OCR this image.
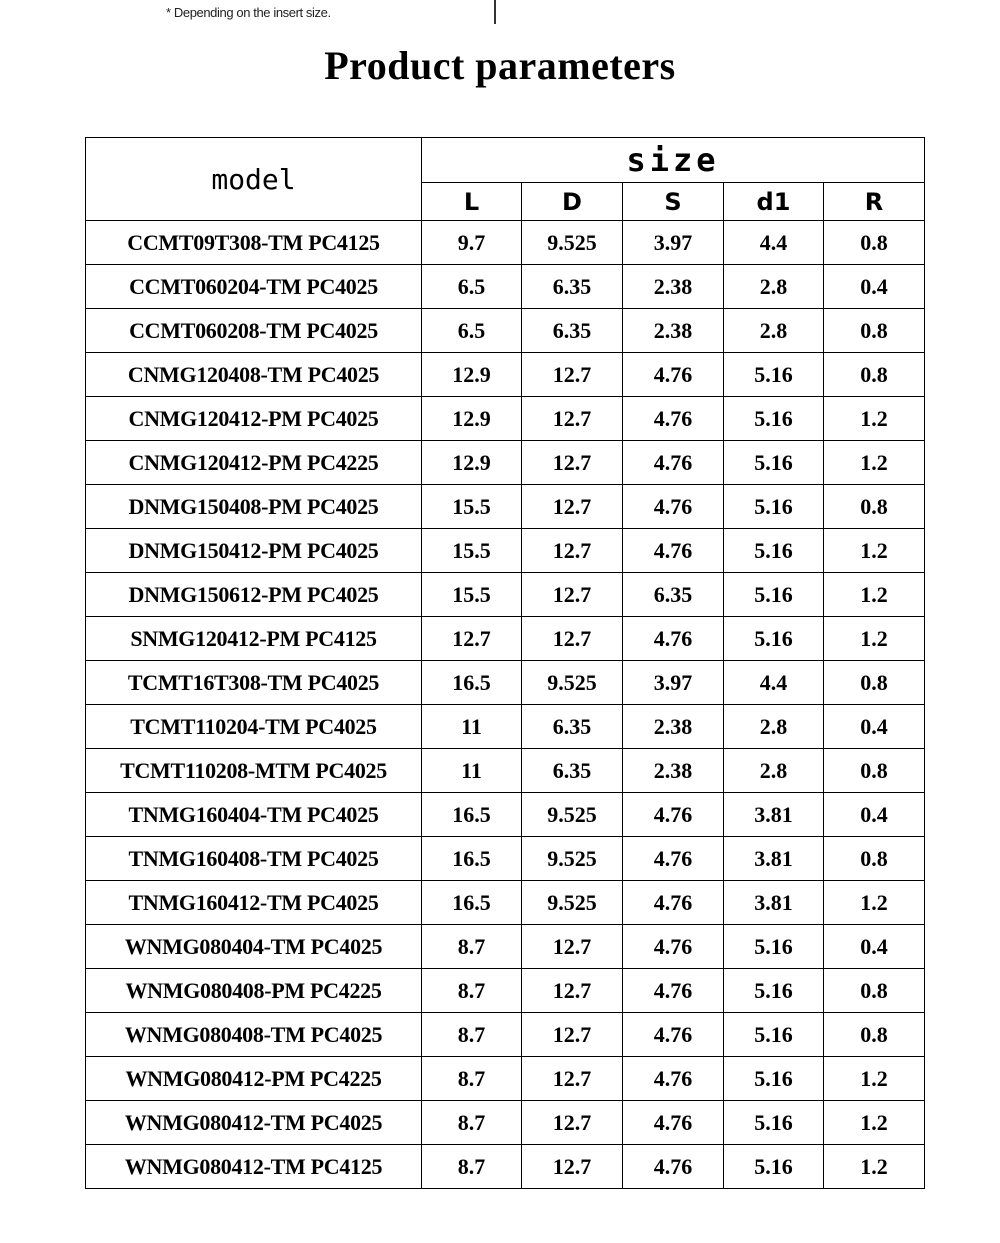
* Depending on the insert size.
Product parameters
model	size				
	L	D	S	d1	R
CCMT09T308-TM PC4125	9.7	9.525	3.97	4.4	0.8
CCMT060204-TM PC4025	6.5	6.35	2.38	2.8	0.4
CCMT060208-TM PC4025	6.5	6.35	2.38	2.8	0.8
CNMG120408-TM PC4025	12.9	12.7	4.76	5.16	0.8
CNMG120412-PM PC4025	12.9	12.7	4.76	5.16	1.2
CNMG120412-PM PC4225	12.9	12.7	4.76	5.16	1.2
DNMG150408-PM PC4025	15.5	12.7	4.76	5.16	0.8
DNMG150412-PM PC4025	15.5	12.7	4.76	5.16	1.2
DNMG150612-PM PC4025	15.5	12.7	6.35	5.16	1.2
SNMG120412-PM PC4125	12.7	12.7	4.76	5.16	1.2
TCMT16T308-TM PC4025	16.5	9.525	3.97	4.4	0.8
TCMT110204-TM PC4025	11	6.35	2.38	2.8	0.4
TCMT110208-MTM PC4025	11	6.35	2.38	2.8	0.8
TNMG160404-TM PC4025	16.5	9.525	4.76	3.81	0.4
TNMG160408-TM PC4025	16.5	9.525	4.76	3.81	0.8
TNMG160412-TM PC4025	16.5	9.525	4.76	3.81	1.2
WNMG080404-TM PC4025	8.7	12.7	4.76	5.16	0.4
WNMG080408-PM PC4225	8.7	12.7	4.76	5.16	0.8
WNMG080408-TM PC4025	8.7	12.7	4.76	5.16	0.8
WNMG080412-PM PC4225	8.7	12.7	4.76	5.16	1.2
WNMG080412-TM PC4025	8.7	12.7	4.76	5.16	1.2
WNMG080412-TM PC4125	8.7	12.7	4.76	5.16	1.2
